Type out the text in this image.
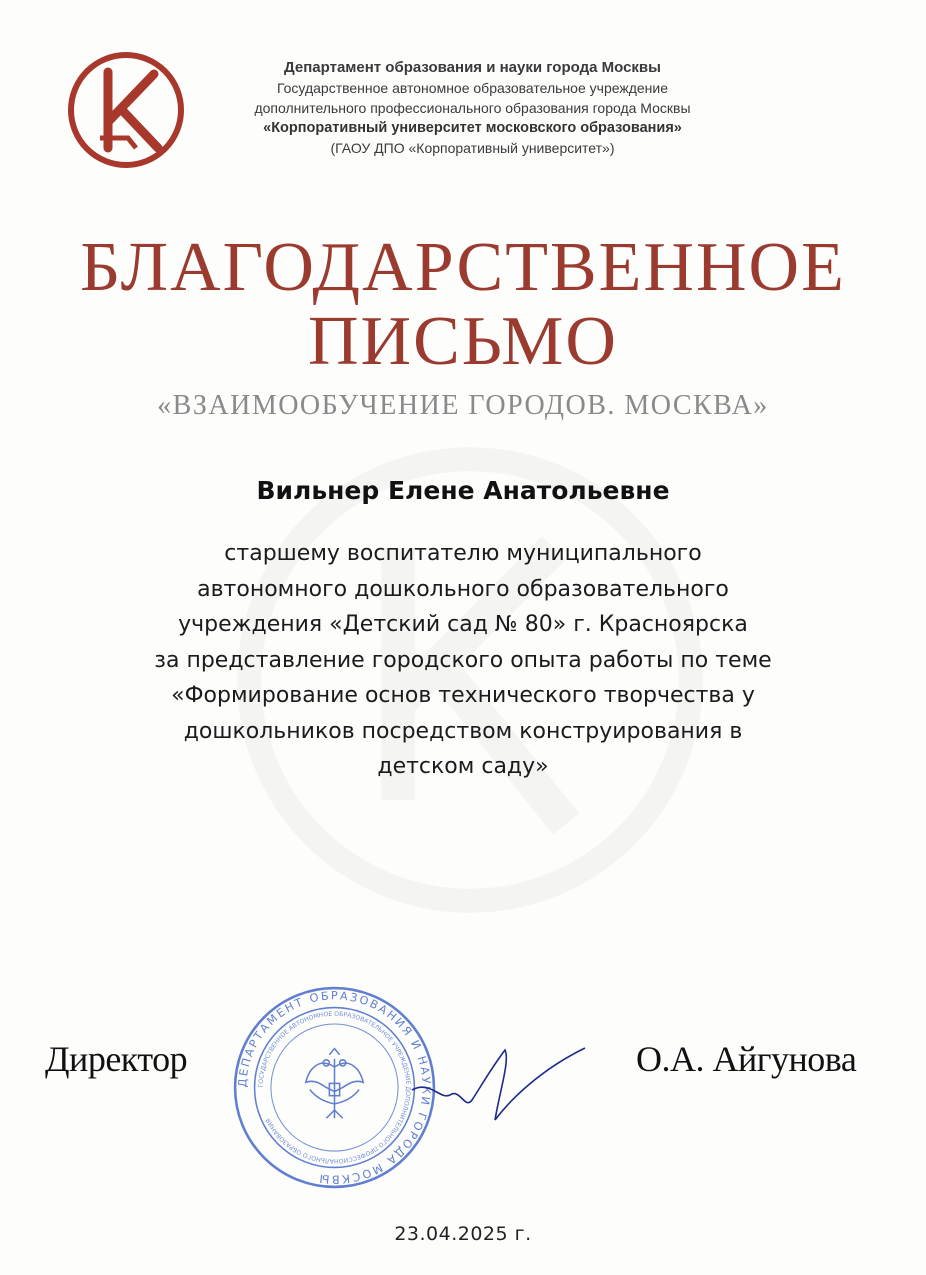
Департамент образования и науки города Москвы
Государственное автономное образовательное учреждение
дополнительного профессионального образования города Москвы
«Корпоративный университет московского образования»
(ГАОУ ДПО «Корпоративный университет»)
БЛАГОДАРСТВЕННОЕ
ПИСЬМО
«ВЗАИМООБУЧЕНИЕ ГОРОДОВ. МОСКВА»
Вильнер Елене Анатольевне
старшему воспитателю муниципального
автономного дошкольного образовательного
учреждения «Детский сад № 80» г. Красноярска
за представление городского опыта работы по теме
«Формирование основ технического творчества у
дошкольников посредством конструирования в
детском саду»
ДЕПАРТАМЕНТ ОБРАЗОВАНИЯ И НАУКИ ГОРОДА МОСКВЫ
ГОСУДАРСТВЕННОЕ АВТОНОМНОЕ ОБРАЗОВАТЕЛЬНОЕ УЧРЕЖДЕНИЕ ДОПОЛНИТЕЛЬНОГО ПРОФЕССИОНАЛЬНОГО ОБРАЗОВАНИЯ
Директор	О.А. Айгунова
23.04.2025 г.
